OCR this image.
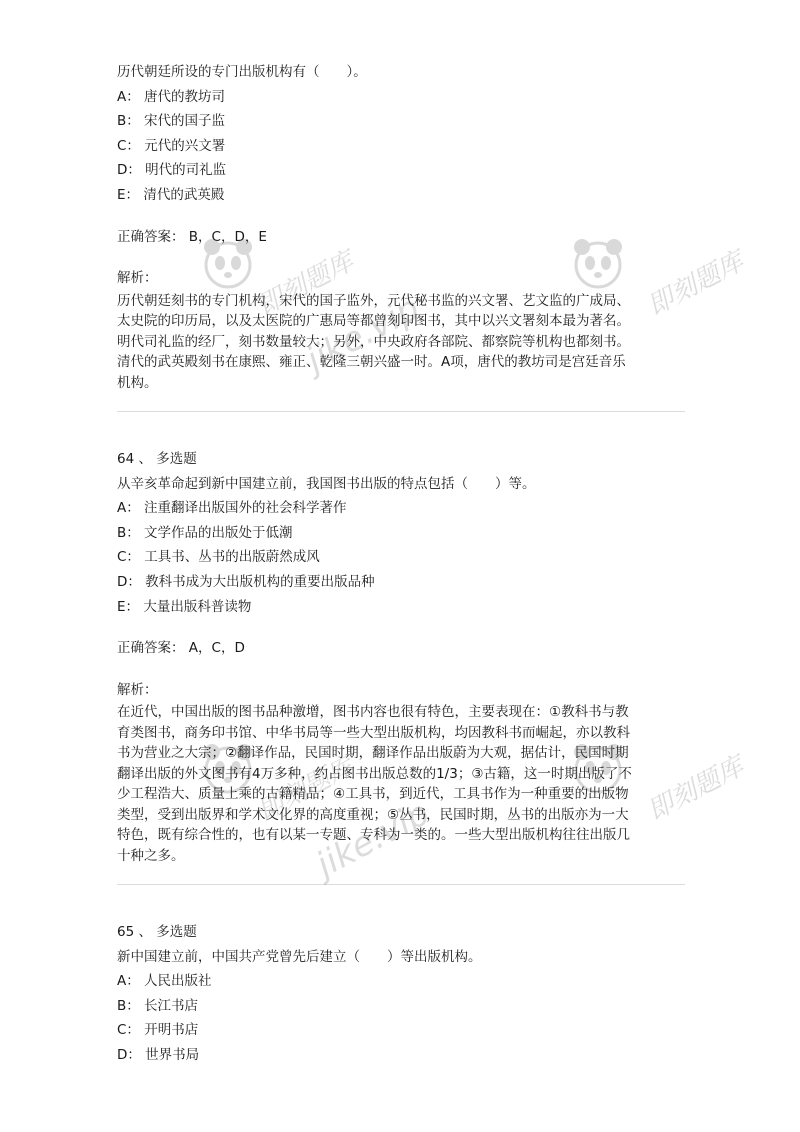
历代朝廷所设的专门出版机构有（　　）。
A： 唐代的教坊司
B： 宋代的国子监
C： 元代的兴文署
D： 明代的司礼监
E： 清代的武英殿
正确答案： B，C，D，E
解析：
历代朝廷刻书的专门机构，宋代的国子监外，元代秘书监的兴文署、艺文监的广成局、
太史院的印历局，以及太医院的广惠局等都曾刻印图书，其中以兴文署刻本最为著名。
明代司礼监的经厂，刻书数量较大；另外，中央政府各部院、都察院等机构也都刻书。
清代的武英殿刻书在康熙、雍正、乾隆三朝兴盛一时。A项，唐代的教坊司是宫廷音乐
机构。
64 、 多选题
从辛亥革命起到新中国建立前，我国图书出版的特点包括（　　）等。
A： 注重翻译出版国外的社会科学著作
B： 文学作品的出版处于低潮
C： 工具书、丛书的出版蔚然成风
D： 教科书成为大出版机构的重要出版品种
E： 大量出版科普读物
正确答案： A，C，D
解析：
在近代，中国出版的图书品种激增，图书内容也很有特色，主要表现在：①教科书与教
育类图书，商务印书馆、中华书局等一些大型出版机构，均因教科书而崛起，亦以教科
书为营业之大宗；②翻译作品，民国时期，翻译作品出版蔚为大观，据估计，民国时期
翻译出版的外文图书有4万多种，约占图书出版总数的1/3；③古籍，这一时期出版了不
少工程浩大、质量上乘的古籍精品；④工具书，到近代，工具书作为一种重要的出版物
类型，受到出版界和学术文化界的高度重视；⑤丛书，民国时期，丛书的出版亦为一大
特色，既有综合性的，也有以某一专题、专科为一类的。一些大型出版机构往往出版几
十种之多。
65 、 多选题
新中国建立前，中国共产党曾先后建立（　　）等出版机构。
A： 人民出版社
B： 长江书店
C： 开明书店
D： 世界书局
即刻题库
jike.vip
即刻题库
即刻题库
jike.vip
即刻题库
